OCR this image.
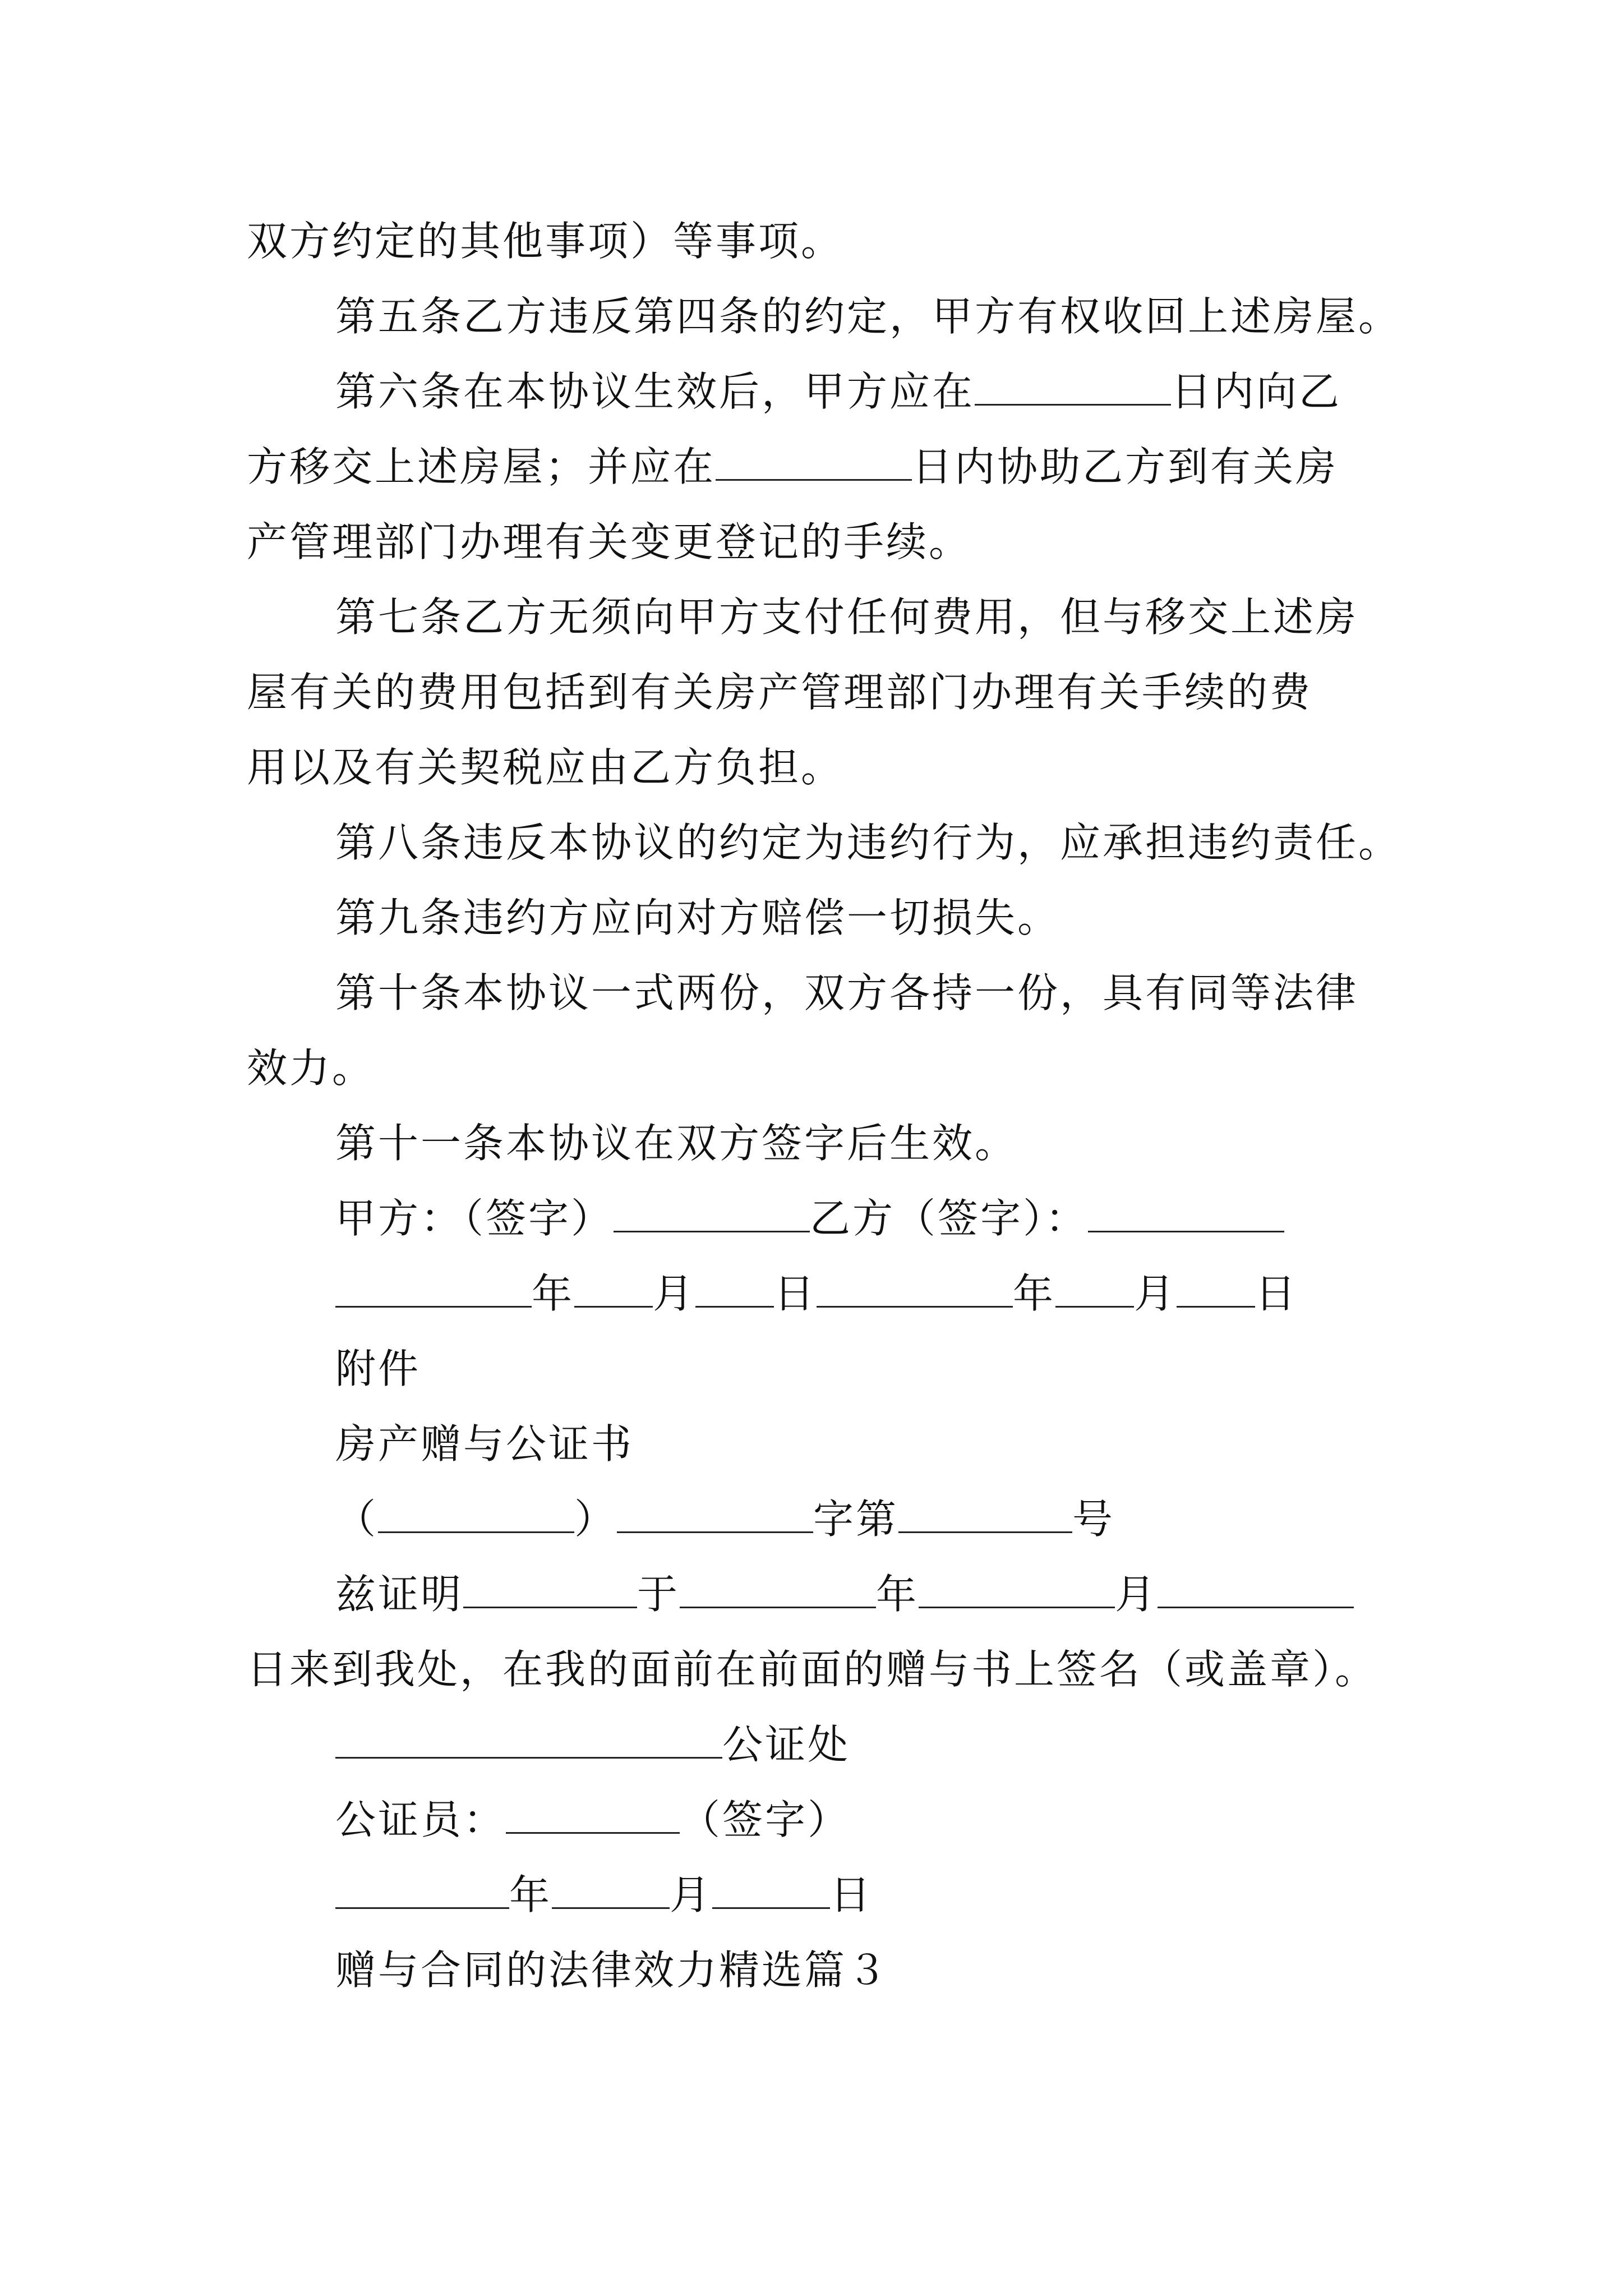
双方约定的其他事项）等事项。
第五条乙方违反第四条的约定，甲方有权收回上述房屋。
第六条在本协议生效后，甲方应在	日内向乙
方移交上述房屋；并应在	日内协助乙方到有关房
产管理部门办理有关变更登记的手续。
第七条乙方无须向甲方支付任何费用，但与移交上述房
屋有关的费用包括到有关房产管理部门办理有关手续的费
用以及有关契税应由乙方负担。
第八条违反本协议的约定为违约行为，应承担违约责任。
第九条违约方应向对方赔偿一切损失。
第十条本协议一式两份，双方各持一份，具有同等法律
效力。
第十一条本协议在双方签字后生效。
甲方：（签字）	乙方（签字）：
年 月 日	年 月 日
附件
房产赠与公证书
（	）	字第	号
兹证明	于	年	月
日来到我处，在我的面前在前面的赠与书上签名（或盖章）。
公证处
公证员：	（签字）
年	月	日
赠与合同的法律效力精选篇３
